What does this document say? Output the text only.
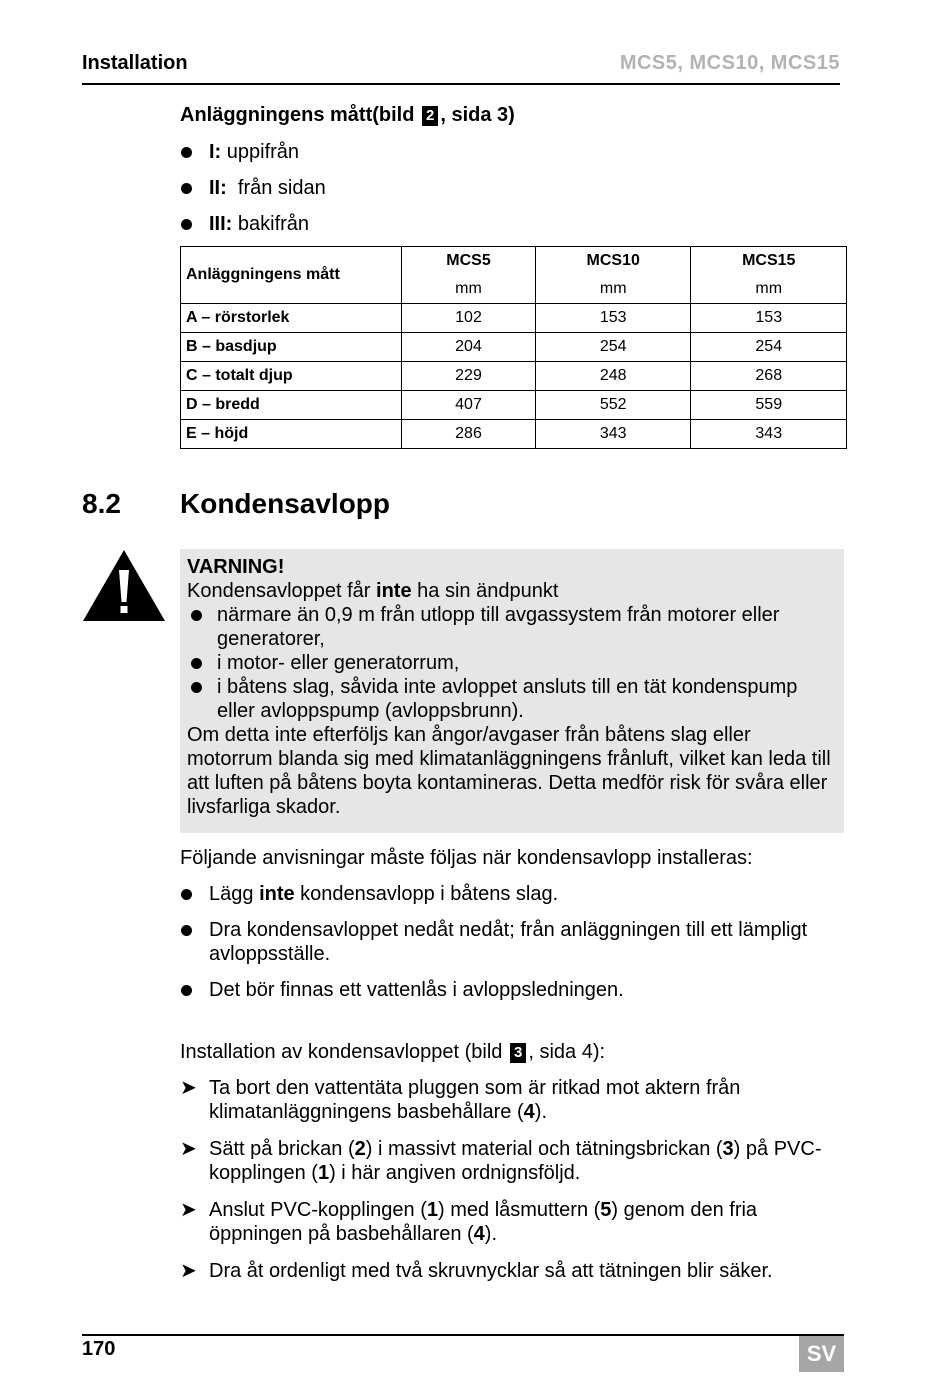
Installation	MCS5, MCS10, MCS15
Anläggningens mått(bild 2 , sida 3)
I: uppifrån
II:  från sidan
III: bakifrån
Anläggningens mått	MCS5	MCS10	MCS15
	mm	mm	mm
A – rörstorlek	102	153	153
B – basdjup	204	254	254
C – totalt djup	229	248	268
D – bredd	407	552	559
E – höjd	286	343	343
8.2 Kondensavlopp
VARNING!
Kondensavloppet får inte ha sin ändpunkt
närmare än 0,9 m från utlopp till avgassystem från motorer eller generatorer,
i motor- eller generatorrum,
i båtens slag, såvida inte avloppet ansluts till en tät kondenspump eller avloppspump (avloppsbrunn).
Om detta inte efterföljs kan ångor/avgaser från båtens slag eller motorrum blanda sig med klimatanläggningens frånluft, vilket kan leda till att luften på båtens boyta kontamineras. Detta medför risk för svåra eller livsfarliga skador.
Följande anvisningar måste följas när kondensavlopp installeras:
Lägg inte kondensavlopp i båtens slag.
Dra kondensavloppet nedåt nedåt; från anläggningen till ett lämpligt avloppsställe.
Det bör finnas ett vattenlås i avloppsledningen.
Installation av kondensavloppet (bild 3 , sida 4):
➤ Ta bort den vattentäta pluggen som är ritkad mot aktern från klimatanläggningens basbehållare (4).
➤ Sätt på brickan (2) i massivt material och tätningsbrickan (3) på PVC-kopplingen (1) i här angiven ordnignsföljd.
➤ Anslut PVC-kopplingen (1) med låsmuttern (5) genom den fria öppningen på basbehållaren (4).
➤ Dra åt ordenligt med två skruvnycklar så att tätningen blir säker.
170	SV
